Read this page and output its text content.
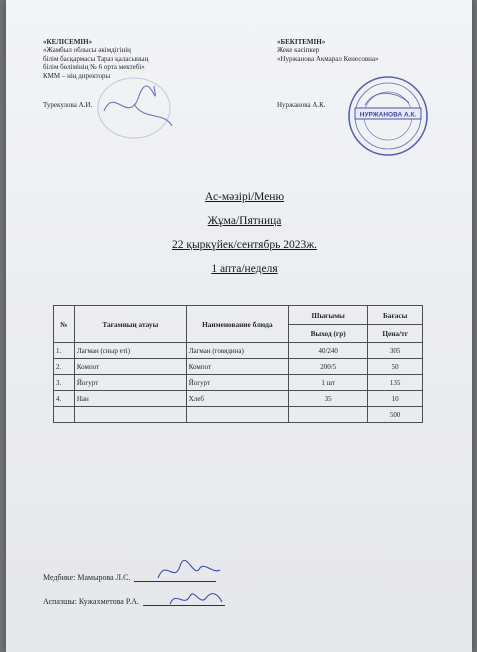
«КЕЛІСЕМІН»
«Жамбыл облысы әкімдігінің
білім басқармасы Тараз қаласының
білім бөлімінің № 6 орта мектебі»
КММ – нің директоры
Турекулова А.И.
«БЕКІТЕМІН»
Жеке кәсіпкер
«Нуржанова Акмарал Кенесовна»
Нуржанова А.К.
НУРЖАНОВА А.К.
Ас-мәзірі/Меню
Жұма/Пятница
22 қыркүйек/сентябрь 2023ж.
1 апта/неделя
№	Тағамның атауы	Наименование блюда	Шығымы	Бағасы
			Выход (гр)	Цена/тг
1.	Лагман (сиыр еті)	Лагман (говядина)	40/240	305
2.	Компот	Компот	200/5	50
3.	Йогурт	Йогурт	1 шт	135
4.	Нан	Хлеб	35	10
				500
Медбике: Мамырова Л.С.
Аспазшы: Кужахметова Р.А.
